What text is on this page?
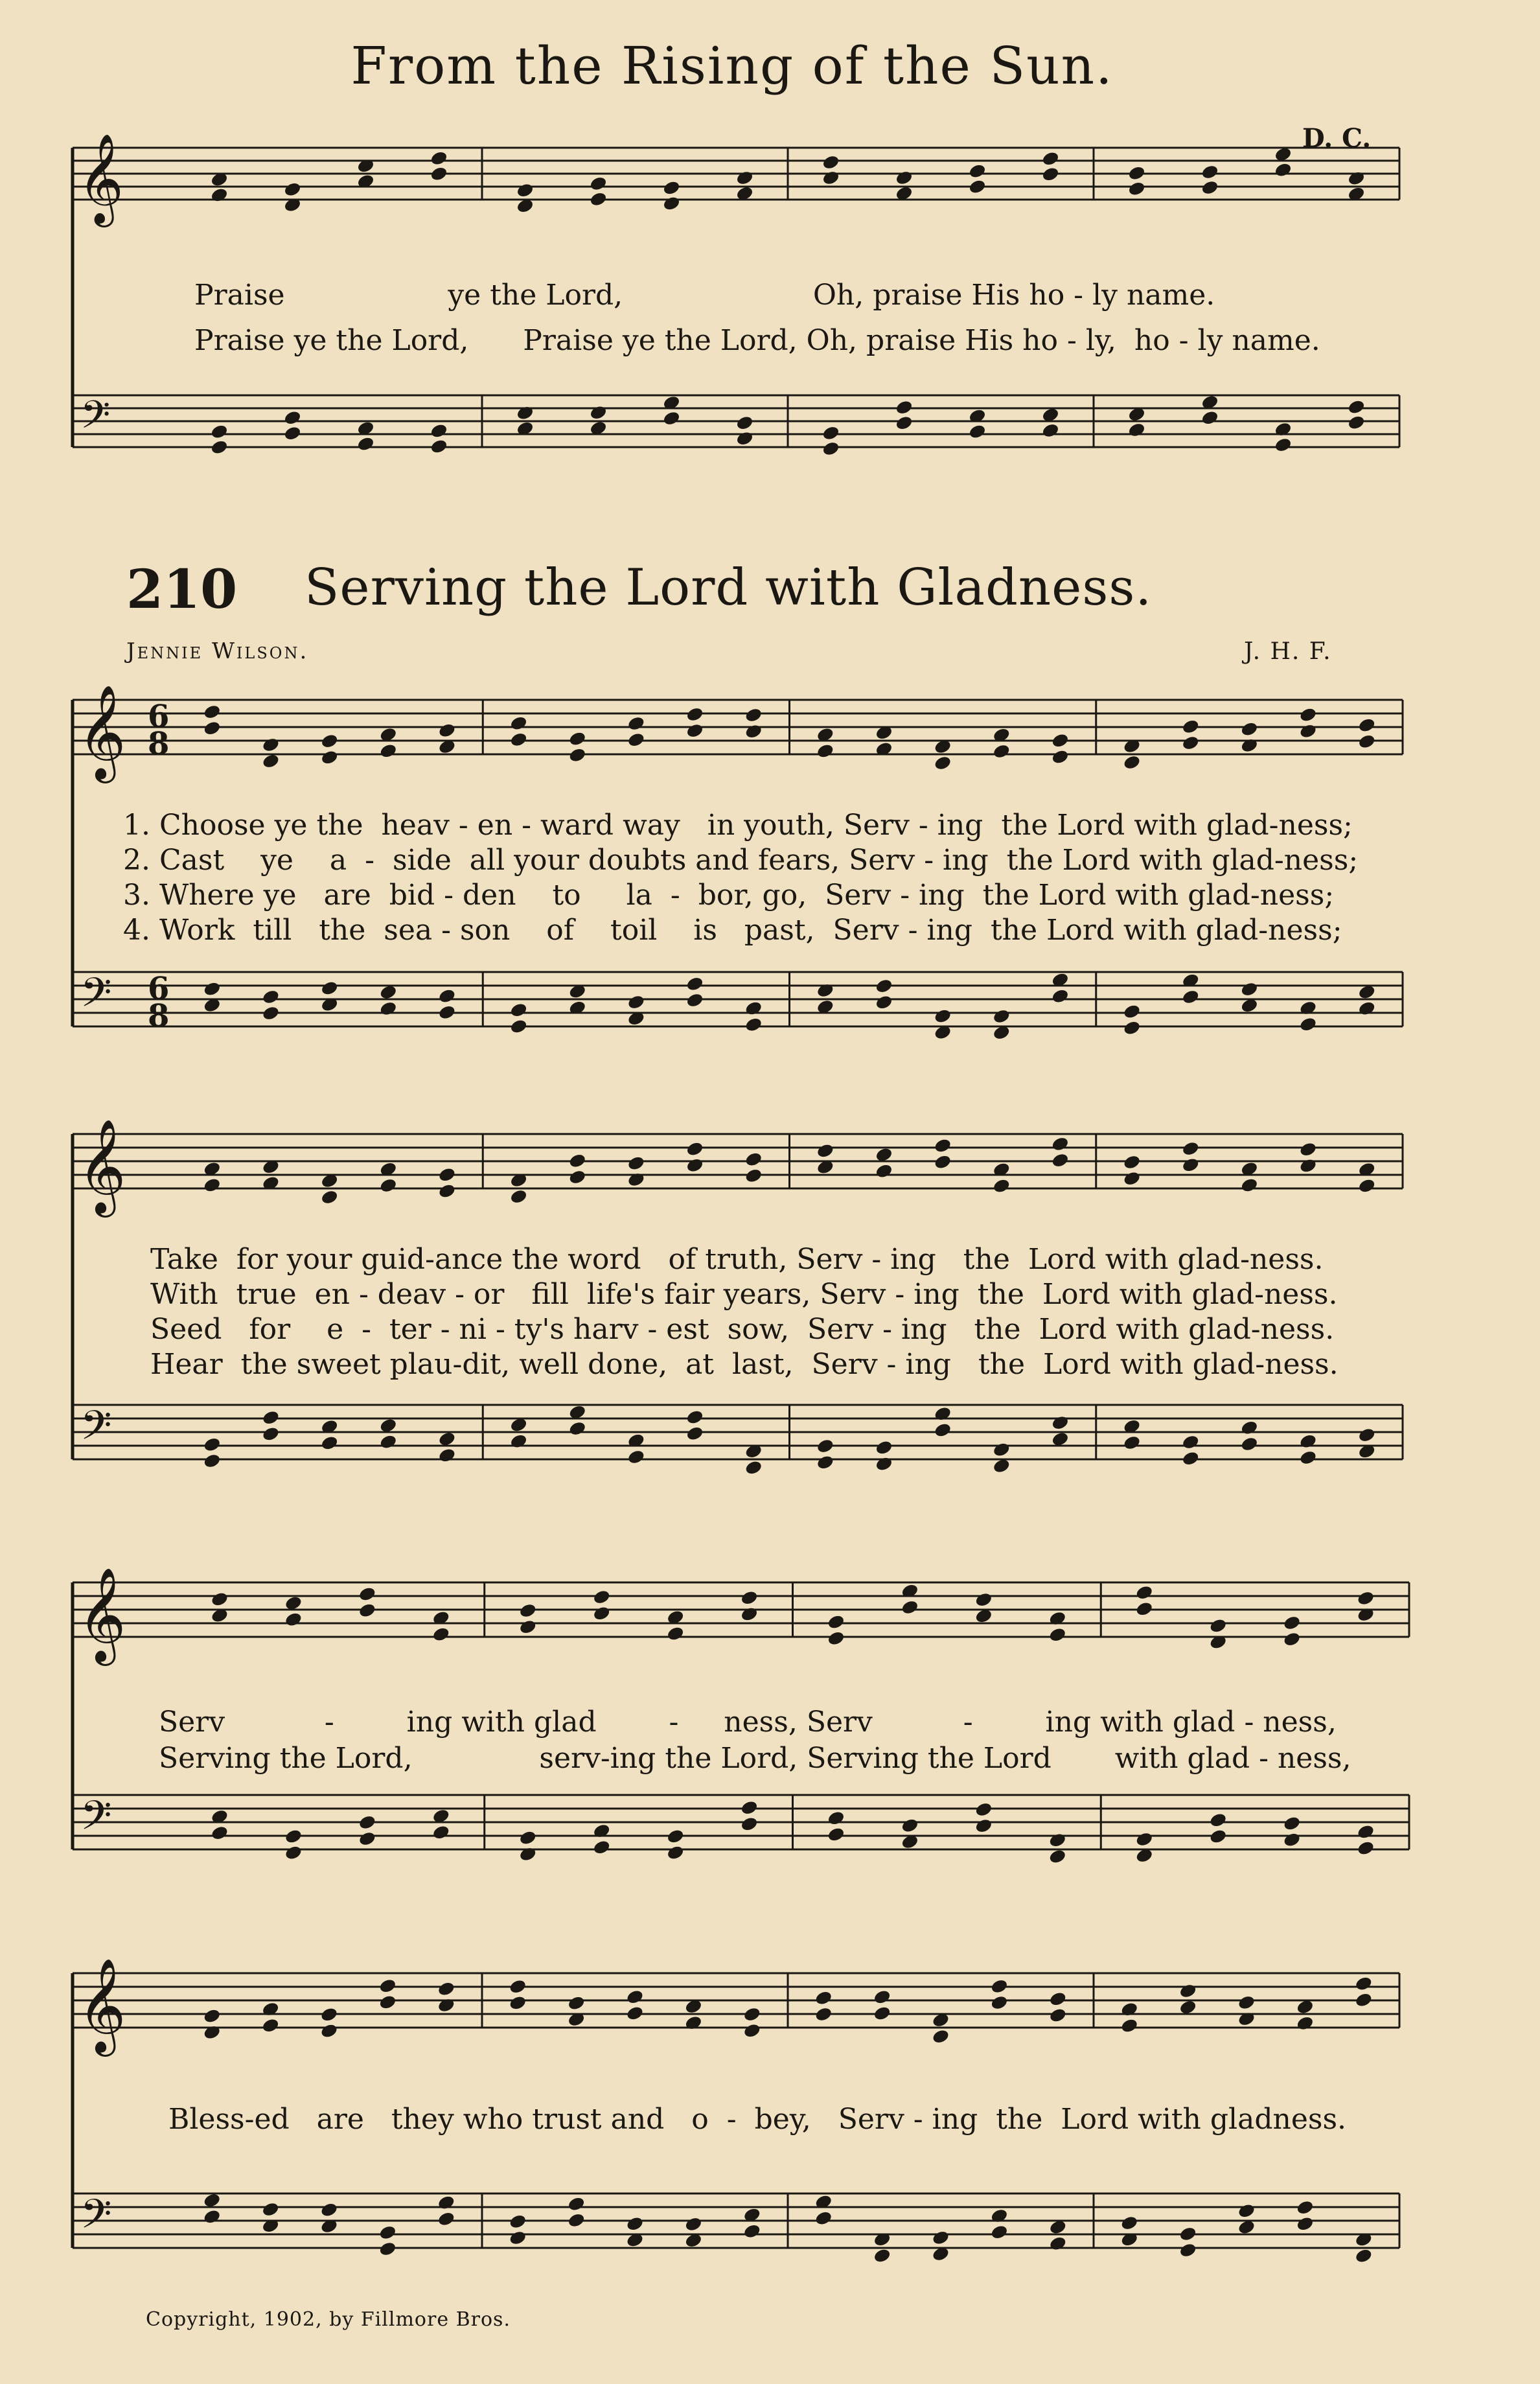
𝄞
𝄢
𝄞
𝄢
𝄞
𝄢
𝄞
𝄢
𝄞
𝄢
6
8
6
8
From the Rising of the Sun.
D. C.
Praise                  ye the Lord,                     Oh, praise His ho - ly name.
Praise ye the Lord,      Praise ye the Lord, Oh, praise His ho - ly,  ho - ly name.
210 Serving the Lord with Gladness.
Jennie Wilson.	J. H. F.
1. Choose ye the  heav - en - ward way   in youth, Serv - ing  the Lord with glad-ness;
2. Cast    ye    a  -  side  all your doubts and fears, Serv - ing  the Lord with glad-ness;
3. Where ye   are  bid - den    to     la  -  bor, go,  Serv - ing  the Lord with glad-ness;
4. Work  till   the  sea - son    of    toil    is   past,  Serv - ing  the Lord with glad-ness;
Take  for your guid-ance the word   of truth, Serv - ing   the  Lord with glad-ness.
With  true  en - deav - or   fill  life's fair years, Serv - ing  the  Lord with glad-ness.
Seed   for    e  -  ter - ni - ty's harv - est  sow,  Serv - ing   the  Lord with glad-ness.
Hear  the sweet plau-dit, well done,  at  last,  Serv - ing   the  Lord with glad-ness.
Serv           -        ing with glad        -     ness, Serv          -        ing with glad - ness,
Serving the Lord,              serv-ing the Lord, Serving the Lord       with glad - ness,
Bless-ed   are   they who trust and   o  -  bey,   Serv - ing  the  Lord with gladness.
Copyright, 1902, by Fillmore Bros.
